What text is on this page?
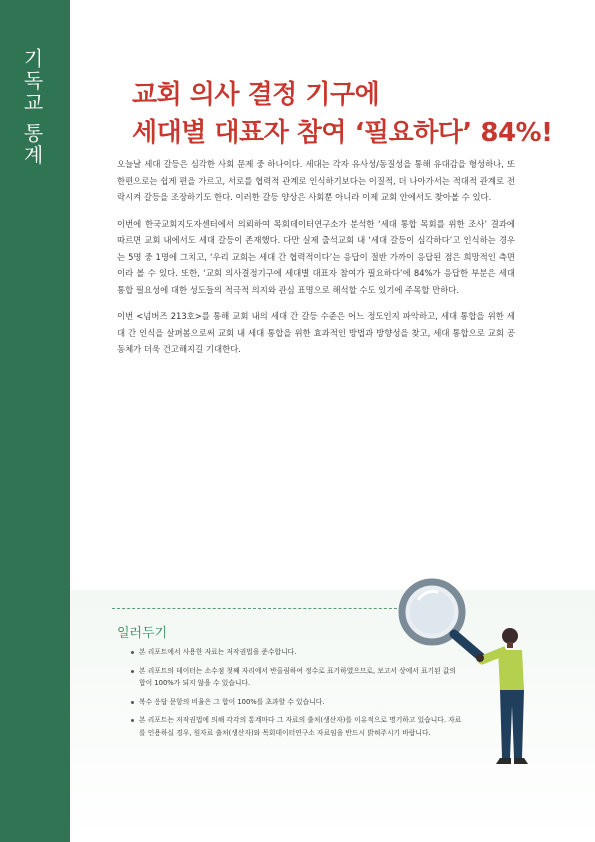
기독교 통계	교회 의사 결정 기구에
세대별 대표자 참여 ‘필요하다’ 84%!

오늘날 세대 갈등은 심각한 사회 문제 중 하나이다. 세대는 각자 유사성/동질성을 통해 유대감을 형성하나, 또 한편으로는 쉽게 편을 가르고, 서로를 협력적 관계로 인식하기보다는 이질적, 더 나아가서는 적대적 관계로 전락시켜 갈등을 조장하기도 한다. 이러한 갈등 양상은 사회뿐 아니라 이제 교회 안에서도 찾아볼 수 있다.

이번에 한국교회지도자센터에서 의뢰하여 목회데이터연구소가 분석한 ‘세대 통합 목회를 위한 조사’ 결과에 따르면 교회 내에서도 세대 갈등이 존재했다. 다만 실제 출석교회 내 ‘세대 갈등이 심각하다’고 인식하는 경우는 5명 중 1명에 그치고, ‘우리 교회는 세대 간 협력적이다’는 응답이 절반 가까이 응답된 점은 희망적인 측면이라 볼 수 있다. 또한, ‘교회 의사결정기구에 세대별 대표자 참여가 필요하다’에 84%가 응답한 부분은 세대통합 필요성에 대한 성도들의 적극적 의지와 관심 표명으로 해석할 수도 있기에 주목할 만하다.

이번 <넘버즈 213호>를 통해 교회 내의 세대 간 갈등 수준은 어느 정도인지 파악하고, 세대 통합을 위한 세대 간 인식을 살펴봄으로써 교회 내 세대 통합을 위한 효과적인 방법과 방향성을 찾고, 세대 통합으로 교회 공동체가 더욱 건고해지길 기대한다.

일러두기
본 리포트에서 사용한 자료는 저작권법을 준수합니다.
본 리포트의 데이터는 소수점 첫째 자리에서 반올림하여 정수로 표기하였으므로, 보고서 상에서 표기된 값의 합이 100%가 되지 않을 수 있습니다.
복수 응답 문항의 비율은 그 합이 100%를 초과할 수 있습니다.
본 리포트는 저작권법에 의해 각각의 통계마다 그 자료의 출처(생산자)를 이유적으로 명기하고 있습니다. 자료를 인용하실 경우, 원자료 출처(생산자)와 목회데이터연구소 자료임을 반드시 밝혀주시기 바랍니다.
